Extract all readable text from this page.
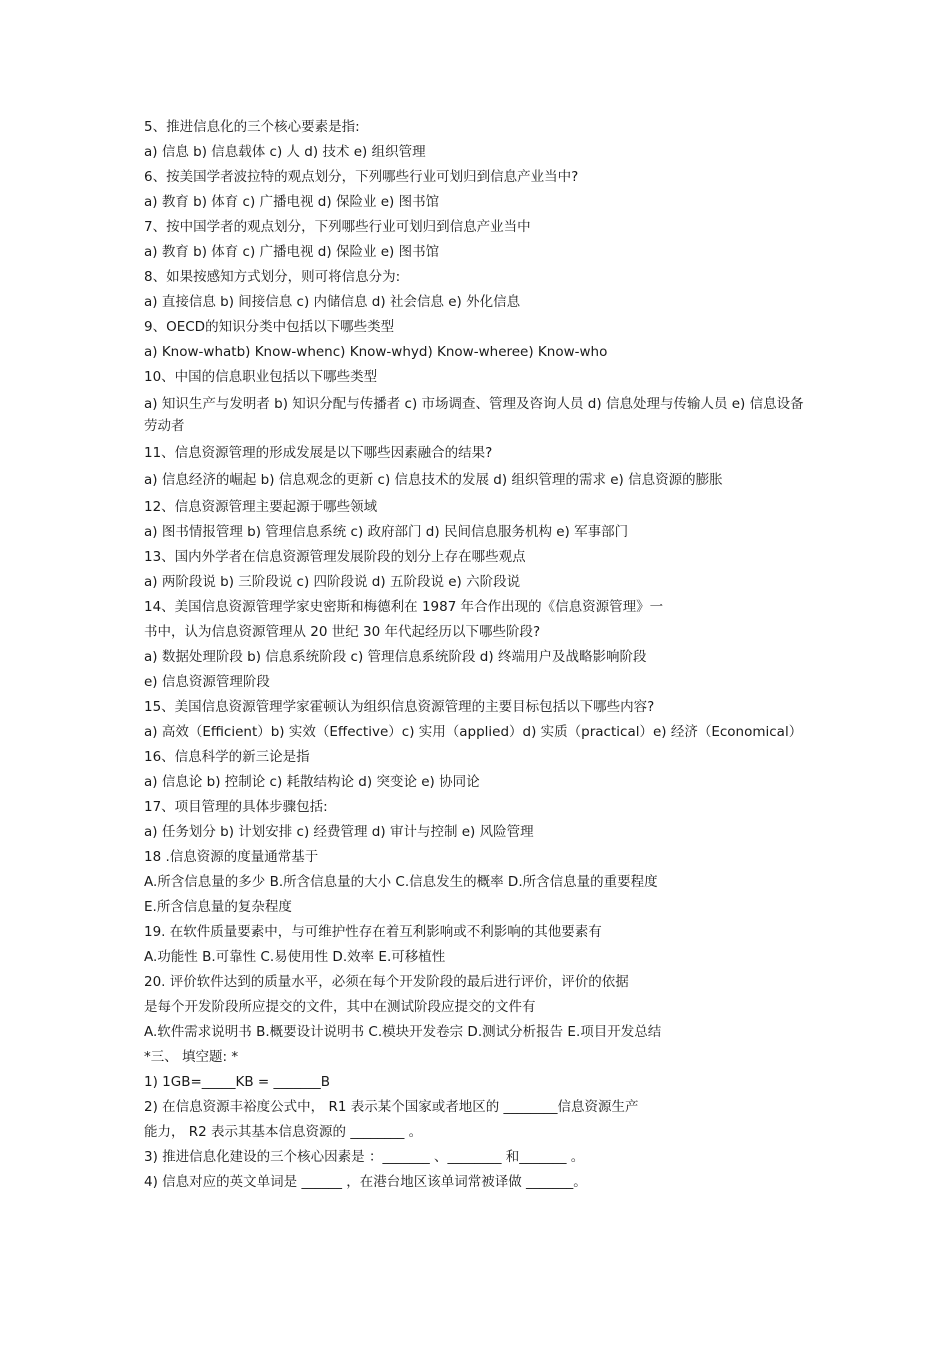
5、推进信息化的三个核心要素是指:
a) 信息 b) 信息载体 c) 人 d) 技术 e) 组织管理
6、按美国学者波拉特的观点划分，下列哪些行业可划归到信息产业当中?
a) 教育 b) 体育 c) 广播电视 d) 保险业 e) 图书馆
7、按中国学者的观点划分，下列哪些行业可划归到信息产业当中
a) 教育 b) 体育 c) 广播电视 d) 保险业 e) 图书馆
8、如果按感知方式划分，则可将信息分为:
a) 直接信息 b) 间接信息 c) 内储信息 d) 社会信息 e) 外化信息
9、OECD的知识分类中包括以下哪些类型
a) Know-whatb) Know-whenc) Know-whyd) Know-wheree) Know-who
10、中国的信息职业包括以下哪些类型
a) 知识生产与发明者 b) 知识分配与传播者 c) 市场调查、管理及咨询人员 d) 信息处理与传输人员 e) 信息设备劳动者
11、信息资源管理的形成发展是以下哪些因素融合的结果?
a) 信息经济的崛起 b) 信息观念的更新 c) 信息技术的发展 d) 组织管理的需求 e) 信息资源的膨胀
12、信息资源管理主要起源于哪些领域
a) 图书情报管理 b) 管理信息系统 c) 政府部门 d) 民间信息服务机构 e) 军事部门
13、国内外学者在信息资源管理发展阶段的划分上存在哪些观点
a) 两阶段说 b) 三阶段说 c) 四阶段说 d) 五阶段说 e) 六阶段说
14、美国信息资源管理学家史密斯和梅德利在 1987 年合作出现的《信息资源管理》一
书中，认为信息资源管理从 20 世纪 30 年代起经历以下哪些阶段?
a) 数据处理阶段 b) 信息系统阶段 c) 管理信息系统阶段 d) 终端用户及战略影响阶段
e) 信息资源管理阶段
15、美国信息资源管理学家霍顿认为组织信息资源管理的主要目标包括以下哪些内容?
a) 高效（Efficient）b) 实效（Effective）c) 实用（applied）d) 实质（practical）e) 经济（Economical）
16、信息科学的新三论是指
a) 信息论 b) 控制论 c) 耗散结构论 d) 突变论 e) 协同论
17、项目管理的具体步骤包括:
a) 任务划分 b) 计划安排 c) 经费管理 d) 审计与控制 e) 风险管理
18 .信息资源的度量通常基于
A.所含信息量的多少 B.所含信息量的大小 C.信息发生的概率 D.所含信息量的重要程度
E.所含信息量的复杂程度
19. 在软件质量要素中，与可维护性存在着互利影响或不利影响的其他要素有
A.功能性 B.可靠性 C.易使用性 D.效率 E.可移植性
20. 评价软件达到的质量水平，必须在每个开发阶段的最后进行评价，评价的依据
是每个开发阶段所应提交的文件，其中在测试阶段应提交的文件有
A.软件需求说明书 B.概要设计说明书 C.模块开发卷宗 D.测试分析报告 E.项目开发总结
*三、 填空题: *
1) 1GB=_____KB = _______B
2) 在信息资源丰裕度公式中， R1 表示某个国家或者地区的 ________信息资源生产
能力， R2 表示其基本信息资源的 ________ 。
3) 推进信息化建设的三个核心因素是 ：_______ 、________ 和_______ 。
4) 信息对应的英文单词是 ______ ，在港台地区该单词常被译做 _______。
